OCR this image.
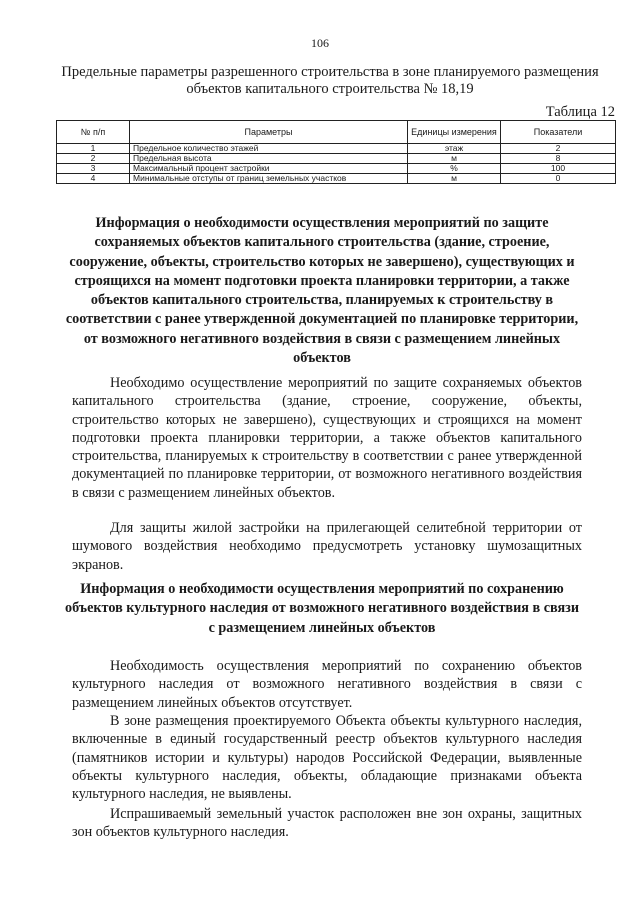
106
Предельные параметры разрешенного строительства в зоне планируемого размещения объектов капитального строительства № 18,19
Таблица 12
№ п/п	Параметры	Единицы измерения	Показатели
1	Предельное количество этажей	этаж	2
2	Предельная высота	м	8
3	Максимальный процент застройки	%	100
4	Минимальные отступы от границ земельных участков	м	0
Информация о необходимости осуществления мероприятий по защите сохраняемых объектов капитального строительства (здание, строение, сооружение, объекты, строительство которых не завершено), существующих и строящихся на момент подготовки проекта планировки территории, а также объектов капитального строительства, планируемых к строительству в соответствии с ранее утвержденной документацией по планировке территории, от возможного негативного воздействия в связи с размещением линейных объектов
Необходимо осуществление мероприятий по защите сохраняемых объектов капитального строительства (здание, строение, сооружение, объекты, строительство которых не завершено), существующих и строящихся на момент подготовки проекта планировки территории, а также объектов капитального строительства, планируемых к строительству в соответствии с ранее утвержденной документацией по планировке территории, от возможного негативного воздействия в связи с размещением линейных объектов.
Для защиты жилой застройки на прилегающей селитебной территории от шумового воздействия необходимо предусмотреть установку шумозащитных экранов.
Информация о необходимости осуществления мероприятий по сохранению объектов культурного наследия от возможного негативного воздействия в связи с размещением линейных объектов
Необходимость осуществления мероприятий по сохранению объектов культурного наследия от возможного негативного воздействия в связи с размещением линейных объектов отсутствует.
В зоне размещения проектируемого Объекта объекты культурного наследия, включенные в единый государственный реестр объектов культурного наследия (памятников истории и культуры) народов Российской Федерации, выявленные объекты культурного наследия, объекты, обладающие признаками объекта культурного наследия, не выявлены.
Испрашиваемый земельный участок расположен вне зон охраны, защитных зон объектов культурного наследия.
